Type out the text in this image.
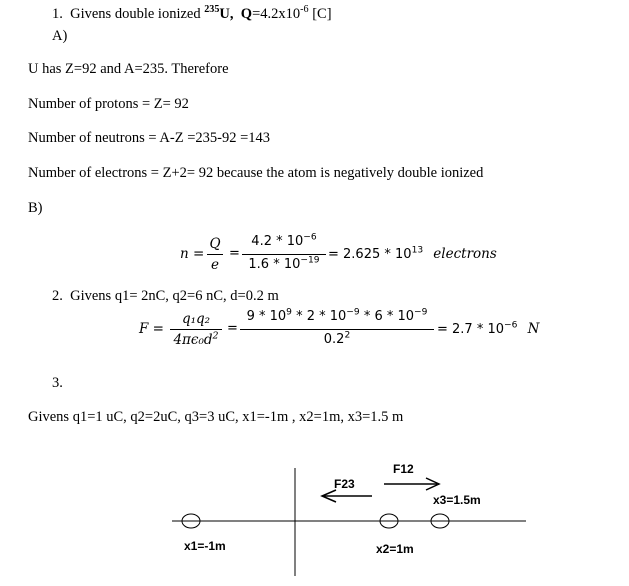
1. Givens double ionized $^{235}$U, $Q=4.2x10^{-6}$ [C]
A)
U has Z=92 and A=235. Therefore
Number of protons = Z= 92
Number of neutrons = A-Z =235-92 =143
Number of electrons = Z+2= 92 because the atom is negatively double ionized
B)
n =
Q
e
=
$4.2 * 10^{-6}$
$1.6 * 10^{-19} = 2.625 * 10^{13}$ electrons
2. Givens q1= 2nC, q2=6 nC, d=0.2 m
F =
q₁q₂
$4\pi\epsilon_0d^2$ =
$9 * 10^9 * 2 * 10^{-9} * 6 * 10^{-9}$
$0.2^2$	= $2.7 * 10^{-6}$ N
3.
Givens q1=1 uC, q2=2uC, q3=3 uC, x1=-1m , x2=1m, x3=1.5 m
F12
F23
x3=1.5m
x1=-1m	x2=1m
